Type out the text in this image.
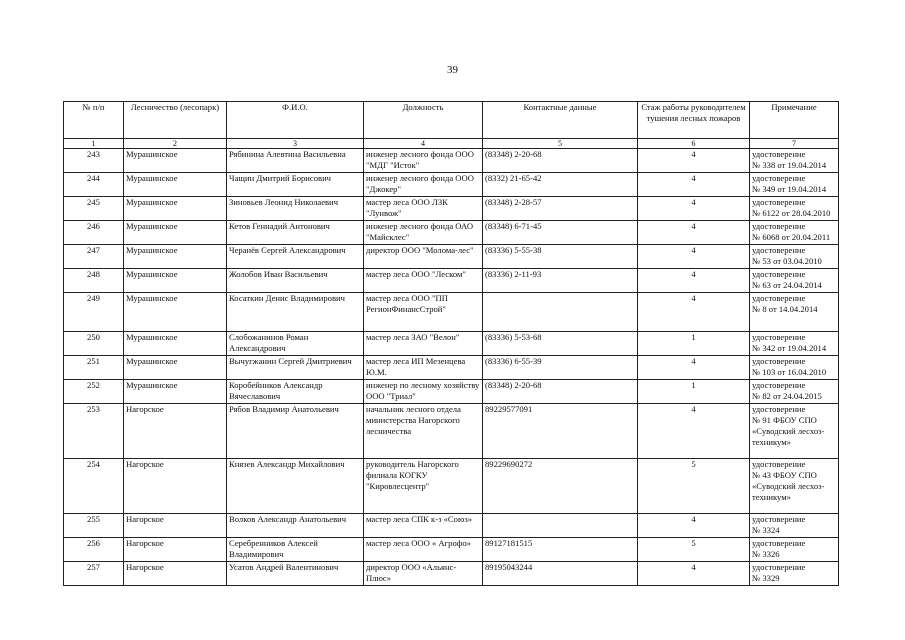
39
№ п/п	Лесничество (лесопарк)	Ф.И.О.	Должность	Контактные данные	Стаж работы руководителем тушения лесных пожаров	Примечание
1	2	3	4	5	6	7
243	Мурашинское	Рябинина Алевтина Васильевна	инженер лесного фонда ООО "МДГ "Исток"	(83348) 2-20-68	4	удостоверение
№ 338 от 19.04.2014

244	Мурашинское	Чащин Дмитрий Борисович	инженер лесного фонда ООО "Джокер"	(8332) 21-65-42	4	удостоверение
№ 349 от 19.04.2014

245	Мурашинское	Зиновьев Леонид Николаевич	мастер леса ООО ЛЗК "Лунвож"	(83348) 2-28-57	4	удостоверение
№ 6122 от 28.04.2010

246	Мурашинское	Кетов Геннадий Антонович	инженер лесного фонда ОАО "Майсклес"	(83348) 6-71-45	4	удостоверение
№ 6068 от 20.04.2011

247	Мурашинское	Черанёв Сергей Александрович	директор ООО "Молома-лес"	(83336) 5-55-38	4	удостоверение
№ 53 от 03.04.2010

248	Мурашинское	Жолобов Иван Васильевич	мастер леса ООО "Леском"	(83336) 2-11-93	4	удостоверение
№ 63 от 24.04.2014

249	Мурашинское	Косаткин Денис Владимирович	мастер леса ООО "ПП РегионФинансСтрой"		4	удостоверение
№ 8 от 14.04.2014

250	Мурашинское	Слобожанинов Роман Александрович	мастер леса ЗАО "Велон"	(83336) 5-53-68	1	удостоверение
№ 342 от 19.04.2014

251	Мурашинское	Вычугжанин Сергей Дмитриевич	мастер леса ИП Мезенцева Ю.М.	(83336) 6-55-39	4	удостоверение
№ 103 от 16.04.2010

252	Мурашинское	Коробейников Александр Вячеславович	инженер по лесному хозяйству ООО "Триал"	(83348) 2-20-68	1	удостоверение
№ 82 от 24.04.2015

253	Нагорское	Рябов Владимир Анатольевич	начальник лесного отдела министерства Нагорского лесничества	89229577091	4	удостоверение
№ 91 ФБОУ СПО «Суводский лесхоз-техникум»

254	Нагорское	Князев Александр Михайлович	руководитель Нагорского филиала КОГКУ "Кировлесцентр"	89229690272	5	удостоверение
№ 43 ФБОУ СПО «Суводский лесхоз-техникум»

255	Нагорское	Волков Александр Анатольевич	мастер леса СПК к-з «Союз»		4	удостоверение
№ 3324

256	Нагорское	Серебренников Алексей Владимирович	мастер леса ООО « Агрофо»	89127181515	5	удостоверение
№ 3326

257	Нагорское	Усатов Андрей Валентинович	директор ООО «Альянс-Плюс»	89195043244	4	удостоверение
№ 3329
